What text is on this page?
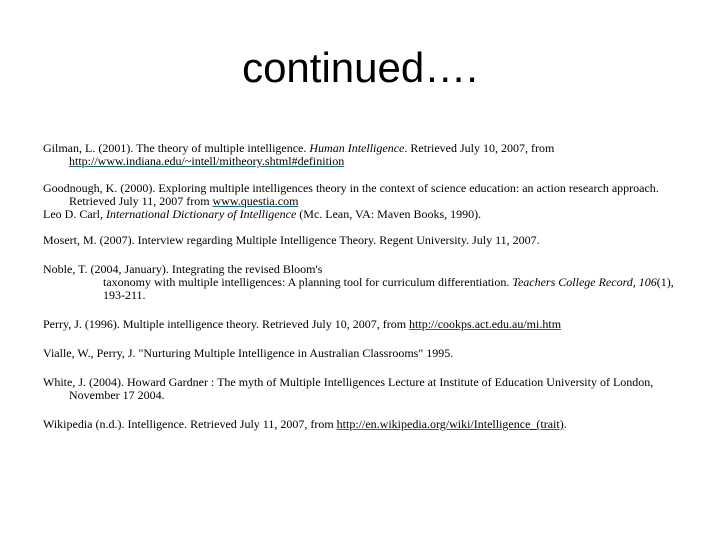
continued….
Gilman, L. (2001). The theory of multiple intelligence. Human Intelligence. Retrieved July 10, 2007, from
http://www.indiana.edu/~intell/mitheory.shtml#definition
Goodnough, K. (2000). Exploring multiple intelligences theory in the context of science education: an action research approach.
Retrieved July 11, 2007 from www.questia.com
Leo D. Carl, International Dictionary of Intelligence (Mc. Lean, VA: Maven Books, 1990).
Mosert, M. (2007). Interview regarding Multiple Intelligence Theory. Regent University. July 11, 2007.
Noble, T. (2004, January). Integrating the revised Bloom's
taxonomy with multiple intelligences: A planning tool for curriculum differentiation. Teachers College Record, 106(1),
193-211.
Perry, J. (1996). Multiple intelligence theory. Retrieved July 10, 2007, from http://cookps.act.edu.au/mi.htm
Vialle, W., Perry, J. "Nurturing Multiple Intelligence in Australian Classrooms" 1995.
White, J. (2004). Howard Gardner : The myth of Multiple Intelligences Lecture at Institute of Education University of London,
November 17 2004.
Wikipedia (n.d.). Intelligence. Retrieved July 11, 2007, from http://en.wikipedia.org/wiki/Intelligence_(trait).
